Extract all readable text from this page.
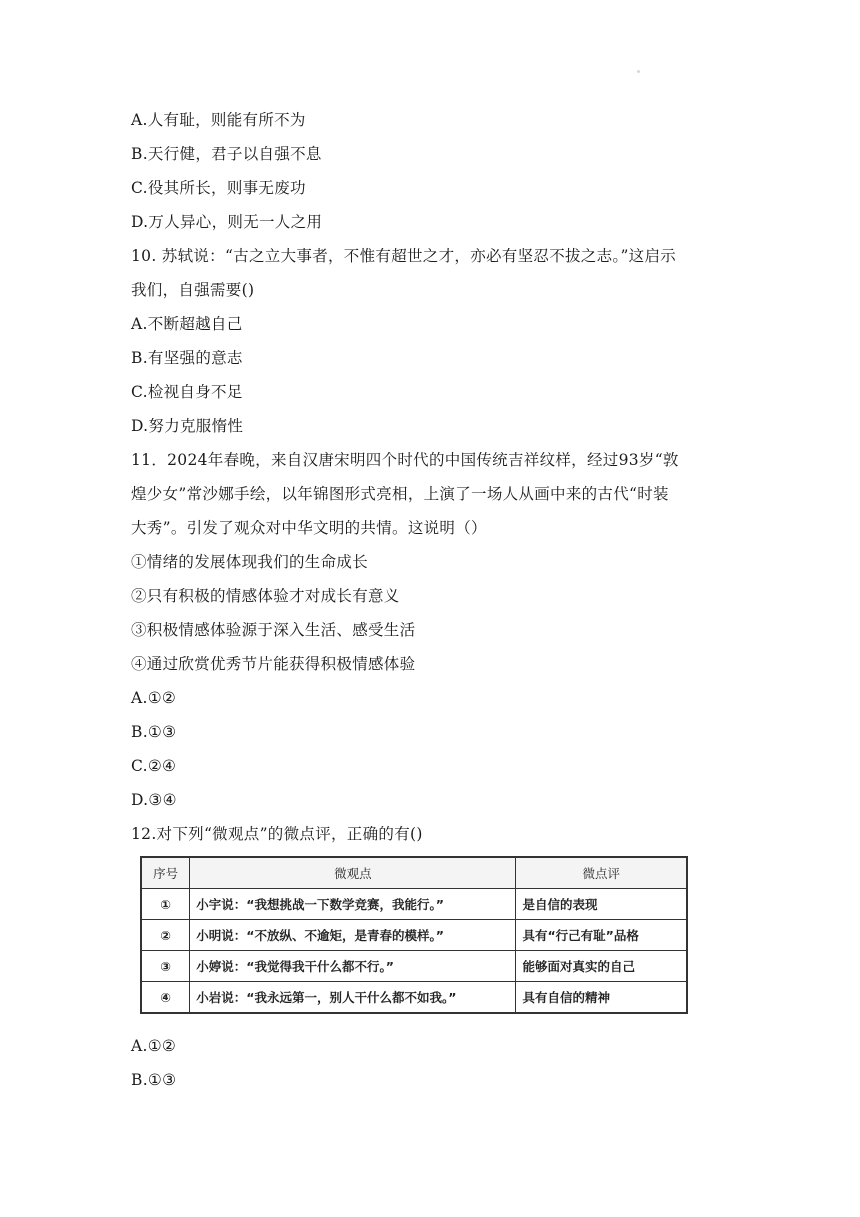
A.人有耻，则能有所不为
B.天行健，君子以自强不息
C.役其所长，则事无废功
D.万人异心，则无一人之用
10. 苏轼说：“古之立大事者，不惟有超世之才，亦必有坚忍不拔之志。”这启示
我们，自强需要()
A.不断超越自己
B.有坚强的意志
C.检视自身不足
D.努力克服惰性
11．2024年春晚，来自汉唐宋明四个时代的中国传统吉祥纹样，经过93岁“敦
煌少女”常沙娜手绘，以年锦图形式亮相，上演了一场人从画中来的古代“时装
大秀”。引发了观众对中华文明的共情。这说明（）
①情绪的发展体现我们的生命成长
②只有积极的情感体验才对成长有意义
③积极情感体验源于深入生活、感受生活
④通过欣赏优秀节片能获得积极情感体验
A.①②
B.①③
C.②④
D.③④
12.对下列“微观点”的微点评，正确的有()
序号	微观点	微点评
①	小宇说：“我想挑战一下数学竞赛，我能行。”	是自信的表现
②	小明说：“不放纵、不逾矩，是青春的模样。”	具有“行己有耻”品格
③	小婷说：“我觉得我干什么都不行。”	能够面对真实的自己
④	小岩说：“我永远第一，别人干什么都不如我。”	具有自信的精神
A.①②
B.①③
